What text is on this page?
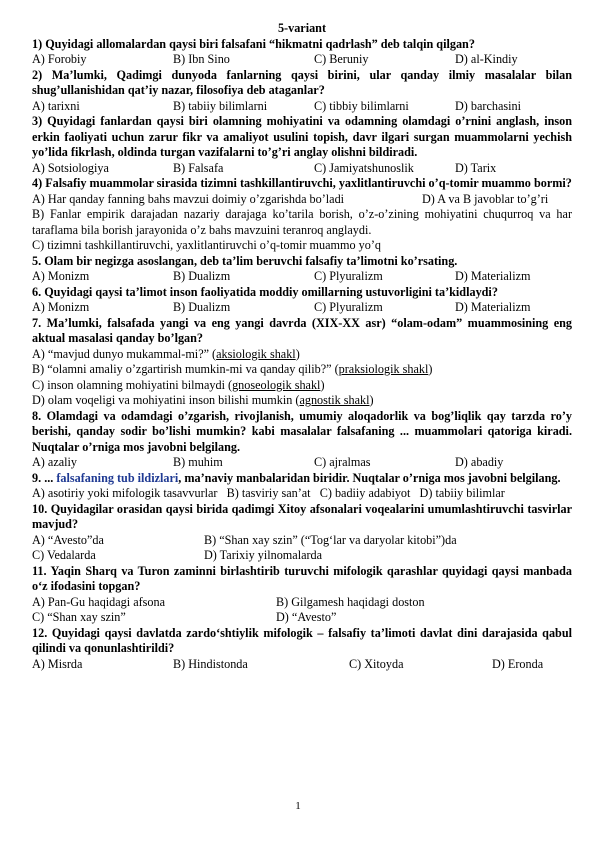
5-variant
1) Quyidagi allomalardan qaysi biri falsafani “hikmatni qadrlash” deb talqin qilgan?
A) Forobiy	B) Ibn Sino	C) Beruniy	D) al-Kindiy
2) Ma’lumki, Qadimgi dunyoda fanlarning qaysi birini, ular qanday ilmiy masalalar bilan shug’ullanishidan qat’iy nazar, filosofiya deb ataganlar?
A) tarixni	B) tabiiy bilimlarni	C) tibbiy bilimlarni	D) barchasini
3) Quyidagi fanlardan qaysi biri olamning mohiyatini va odamning olamdagi o’rnini anglash, inson erkin faoliyati uchun zarur fikr va amaliyot usulini topish, davr ilgari surgan muammolarni yechish yo’lida fikrlash, oldinda turgan vazifalarni to’g’ri anglay olishni bildiradi.
A) Sotsiologiya	B) Falsafa	C) Jamiyatshunoslik	D) Tarix
4) Falsafiy muammolar sirasida tizimni tashkillantiruvchi, yaxlitlantiruvchi o’q-tomir muammo bormi?
A) Har qanday fanning bahs mavzui doimiy o’zgarishda bo’ladi	D) A va B javoblar to’g’ri
B) Fanlar empirik darajadan nazariy darajaga ko’tarila borish, o’z-o’zining mohiyatini chuqurroq va har taraflama bila borish jarayonida o’z bahs mavzuini teranroq anglaydi.
C) tizimni tashkillantiruvchi, yaxlitlantiruvchi o’q-tomir muammo yo’q
5. Olam bir negizga asoslangan, deb ta’lim beruvchi falsafiy ta’limotni ko’rsating.
A) Monizm	B) Dualizm	C) Plyuralizm	D) Materializm
6. Quyidagi qaysi ta’limot inson faoliyatida moddiy omillarning ustuvorligini ta’kidlaydi?
A) Monizm	B) Dualizm	C) Plyuralizm	D) Materializm
7. Ma’lumki, falsafada yangi va eng yangi davrda (XIX-XX asr) “olam-odam” muammosining eng aktual masalasi qanday bo’lgan?
A) “mavjud dunyo mukammal-mi?” (aksiologik shakl)
B) “olamni amaliy o’zgartirish mumkin-mi va qanday qilib?” (praksiologik shakl)
C) inson olamning mohiyatini bilmaydi (gnoseologik shakl)
D) olam voqeligi va mohiyatini inson bilishi mumkin (agnostik shakl)
8. Olamdagi va odamdagi o’zgarish, rivojlanish, umumiy aloqadorlik va bog’liqlik qay tarzda ro’y berishi, qanday sodir bo’lishi mumkin? kabi masalalar falsafaning ... muammolari qatoriga kiradi. Nuqtalar o’rniga mos javobni belgilang.
A) azaliy	B) muhim	C) ajralmas	D) abadiy
9. ... falsafaning tub ildizlari, ma’naviy manbalaridan biridir. Nuqtalar o’rniga mos javobni belgilang.
A) asotiriy yoki mifologik tasavvurlar   B) tasviriy san’at   C) badiiy adabiyot   D) tabiiy bilimlar
10. Quyidagilar orasidan qaysi birida qadimgi Xitoy afsonalari voqealarini umumlashtiruvchi tasvirlar mavjud?
A) “Avesto”da	B) “Shan xay szin” (“Tog‘lar va daryolar kitobi”)da
C) Vedalarda	D) Tarixiy yilnomalarda
11. Yaqin Sharq va Turon zaminni birlashtirib turuvchi mifologik qarashlar quyidagi qaysi manbada o‘z ifodasini topgan?
A) Pan-Gu haqidagi afsona	B) Gilgamesh haqidagi doston
C) “Shan xay szin”	D) “Avesto”
12. Quyidagi qaysi davlatda zardo‘shtiylik mifologik – falsafiy ta’limoti davlat dini darajasida qabul qilindi va qonunlashtirildi?
A) Misrda	B) Hindistonda	C) Xitoyda	D) Eronda
1
